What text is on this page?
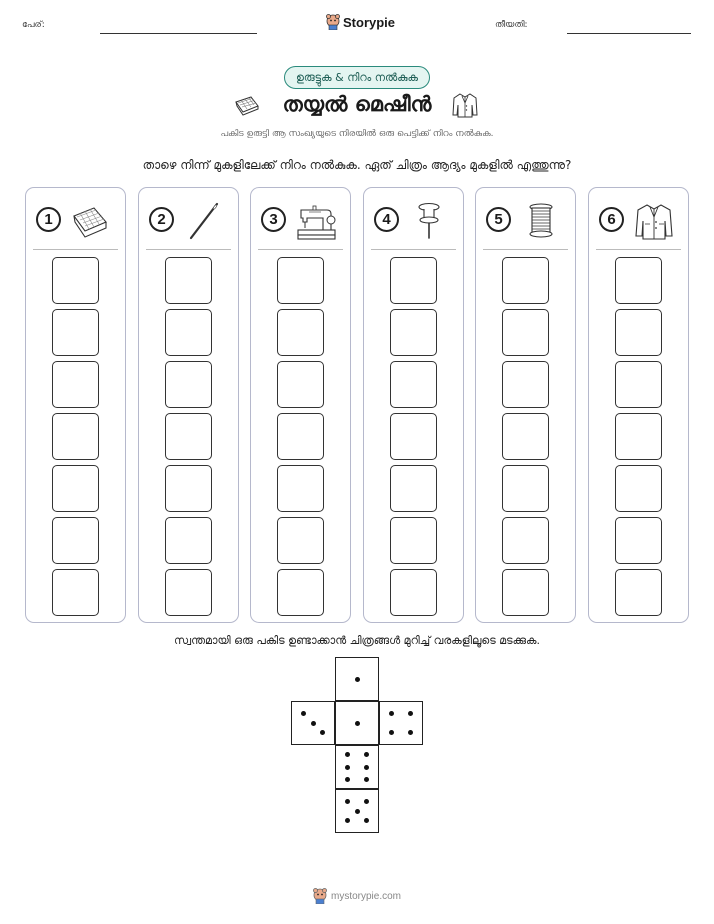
പേര്:	Storypie	തീയതി:
ഉരുട്ടുക & നിറം നൽകുക
തയ്യൽ മെഷീൻ
പകിട ഉരുട്ടി ആ സംഖ്യയുടെ നിരയിൽ ഒരു പെട്ടിക്ക് നിറം നൽകുക.
താഴെ നിന്ന് മുകളിലേക്ക് നിറം നൽകുക. ഏത് ചിത്രം ആദ്യം മുകളിൽ എത്തുന്നു?
1	2	3	4	5	6
സ്വന്തമായി ഒരു പകിട ഉണ്ടാക്കാൻ ചിത്രങ്ങൾ മുറിച്ച് വരകളിലൂടെ മടക്കുക.
mystorypie.com
